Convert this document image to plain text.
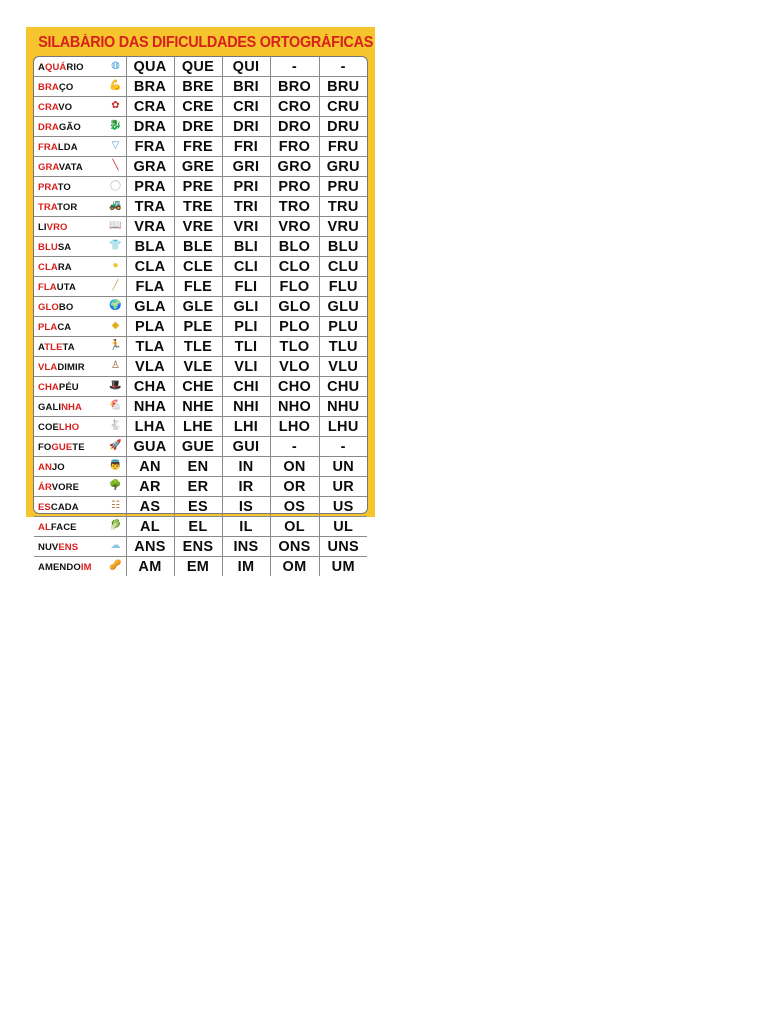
SILABÁRIO DAS DIFICULDADES ORTOGRÁFICAS
AQUÁRIO ◍	QUA	QUE	QUI	-	-
BRAÇO 💪	BRA	BRE	BRI	BRO	BRU
CRAVO ✿	CRA	CRE	CRI	CRO	CRU
DRAGÃO 🐉	DRA	DRE	DRI	DRO	DRU
FRALDA ▽	FRA	FRE	FRI	FRO	FRU
GRAVATA ╲	GRA	GRE	GRI	GRO	GRU
PRATO ◯	PRA	PRE	PRI	PRO	PRU
TRATOR 🚜	TRA	TRE	TRI	TRO	TRU
LIVRO 📖	VRA	VRE	VRI	VRO	VRU
BLUSA 👕	BLA	BLE	BLI	BLO	BLU
CLARA ●	CLA	CLE	CLI	CLO	CLU
FLAUTA ╱	FLA	FLE	FLI	FLO	FLU
GLOBO 🌍	GLA	GLE	GLI	GLO	GLU
PLACA ◆	PLA	PLE	PLI	PLO	PLU
ATLETA 🏃	TLA	TLE	TLI	TLO	TLU
VLADIMIR ♙	VLA	VLE	VLI	VLO	VLU
CHAPÉU 🎩	CHA	CHE	CHI	CHO	CHU
GALINHA 🐔	NHA	NHE	NHI	NHO	NHU
COELHO 🐇	LHA	LHE	LHI	LHO	LHU
FOGUETE 🚀	GUA	GUE	GUI	-	-
ANJO 👼	AN	EN	IN	ON	UN
ÁRVORE 🌳	AR	ER	IR	OR	UR
ESCADA ☷	AS	ES	IS	OS	US
ALFACE 🥬	AL	EL	IL	OL	UL
NUVENS ☁	ANS	ENS	INS	ONS	UNS
AMENDOIM 🥜	AM	EM	IM	OM	UM
